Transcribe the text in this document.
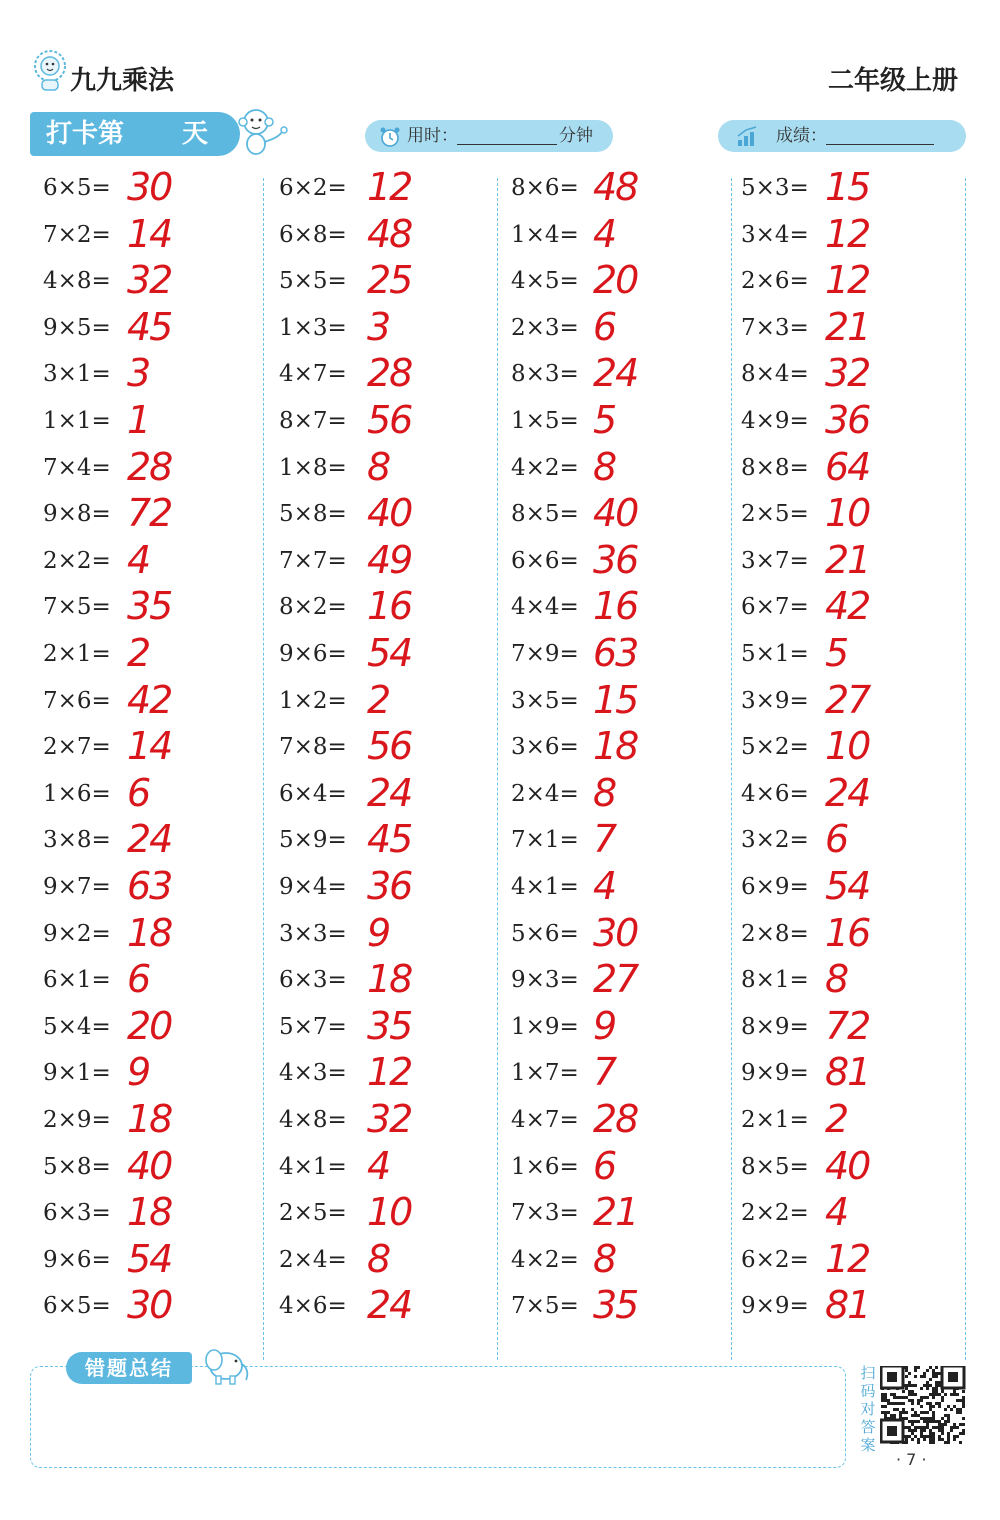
九九乘法	二年级上册
打卡第 天	用时：	分钟	成绩：
6×5= 30
7×2= 14
4×8= 32
9×5= 45
3×1= 3
1×1= 1
7×4= 28
9×8= 72
2×2= 4
7×5= 35
2×1= 2
7×6= 42
2×7= 14
1×6= 6
3×8= 24
9×7= 63
9×2= 18
6×1= 6
5×4= 20
9×1= 9
2×9= 18
5×8= 40
6×3= 18
9×6= 54
6×5= 30
6×2= 12
6×8= 48
5×5= 25
1×3= 3
4×7= 28
8×7= 56
1×8= 8
5×8= 40
7×7= 49
8×2= 16
9×6= 54
1×2= 2
7×8= 56
6×4= 24
5×9= 45
9×4= 36
3×3= 9
6×3= 18
5×7= 35
4×3= 12
4×8= 32
4×1= 4
2×5= 10
2×4= 8
4×6= 24
8×6= 48
1×4= 4
4×5= 20
2×3= 6
8×3= 24
1×5= 5
4×2= 8
8×5= 40
6×6= 36
4×4= 16
7×9= 63
3×5= 15
3×6= 18
2×4= 8
7×1= 7
4×1= 4
5×6= 30
9×3= 27
1×9= 9
1×7= 7
4×7= 28
1×6= 6
7×3= 21
4×2= 8
7×5= 35
5×3= 15
3×4= 12
2×6= 12
7×3= 21
8×4= 32
4×9= 36
8×8= 64
2×5= 10
3×7= 21
6×7= 42
5×1= 5
3×9= 27
5×2= 10
4×6= 24
3×2= 6
6×9= 54
2×8= 16
8×1= 8
8×9= 72
9×9= 81
2×1= 2
8×5= 40
2×2= 4
6×2= 12
9×9= 81
错题总结	扫码对答案
· 7 ·
